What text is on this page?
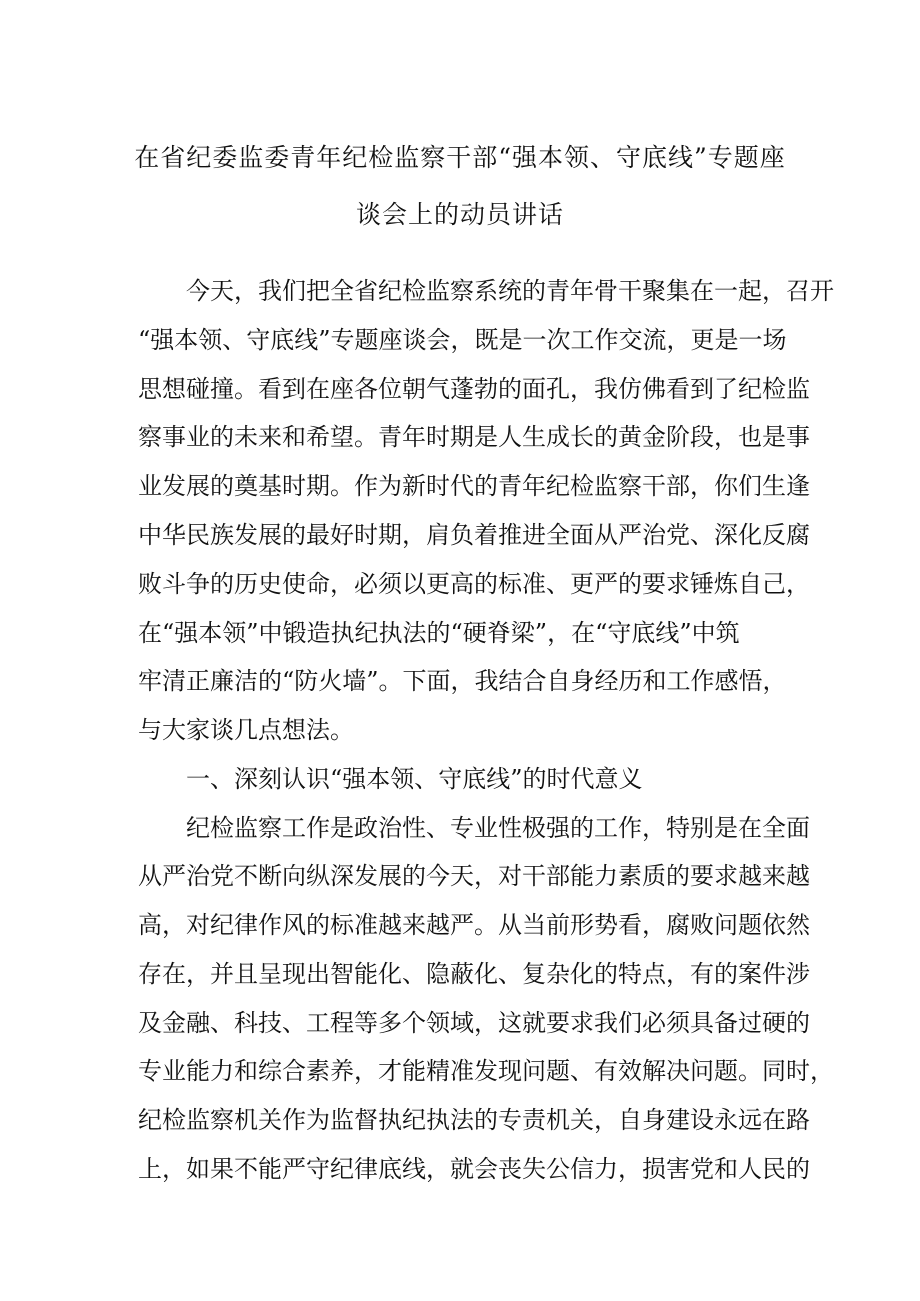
在省纪委监委青年纪检监察干部“强本领、守底线”专题座
谈会上的动员讲话
今天，我们把全省纪检监察系统的青年骨干聚集在一起，召开
“强本领、守底线”专题座谈会，既是一次工作交流，更是一场
思想碰撞。看到在座各位朝气蓬勃的面孔，我仿佛看到了纪检监
察事业的未来和希望。青年时期是人生成长的黄金阶段，也是事
业发展的奠基时期。作为新时代的青年纪检监察干部，你们生逢
中华民族发展的最好时期，肩负着推进全面从严治党、深化反腐
败斗争的历史使命，必须以更高的标准、更严的要求锤炼自己，
在“强本领”中锻造执纪执法的“硬脊梁”，在“守底线”中筑
牢清正廉洁的“防火墙”。下面，我结合自身经历和工作感悟，
与大家谈几点想法。
一、深刻认识“强本领、守底线”的时代意义
纪检监察工作是政治性、专业性极强的工作，特别是在全面
从严治党不断向纵深发展的今天，对干部能力素质的要求越来越
高，对纪律作风的标准越来越严。从当前形势看，腐败问题依然
存在，并且呈现出智能化、隐蔽化、复杂化的特点，有的案件涉
及金融、科技、工程等多个领域，这就要求我们必须具备过硬的
专业能力和综合素养，才能精准发现问题、有效解决问题。同时，
纪检监察机关作为监督执纪执法的专责机关，自身建设永远在路
上，如果不能严守纪律底线，就会丧失公信力，损害党和人民的
